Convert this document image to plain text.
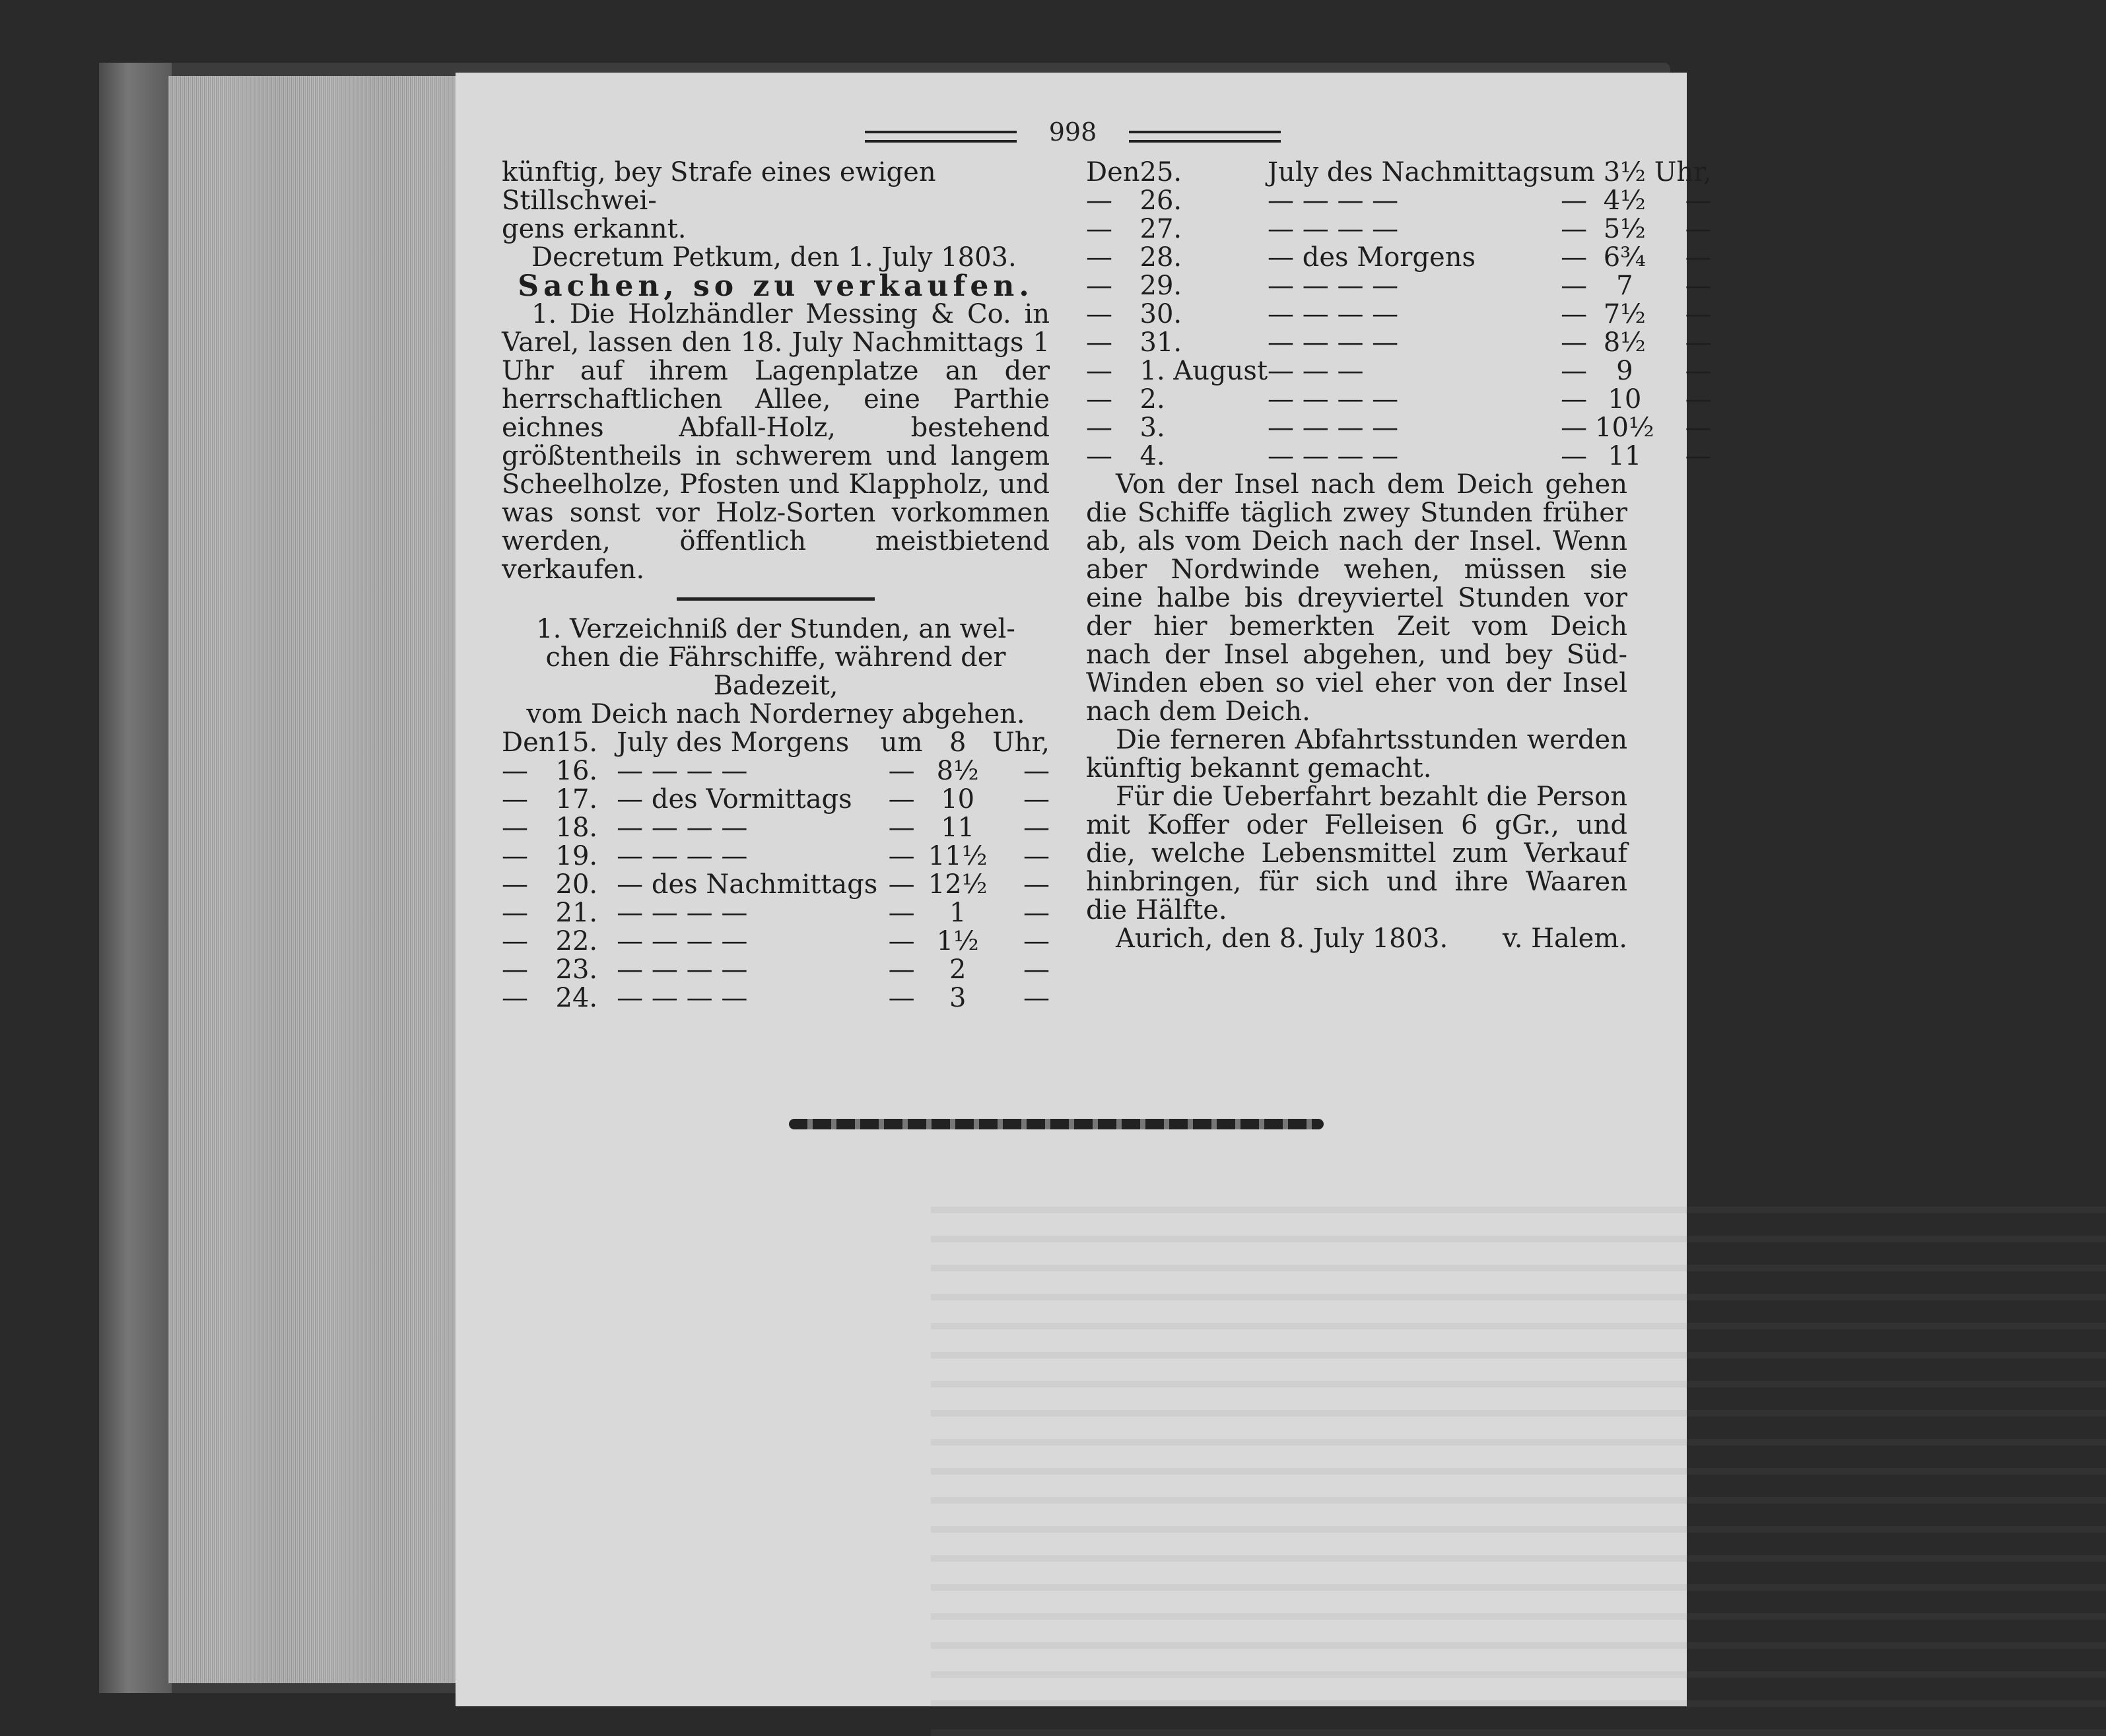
998

künftig, bey Strafe eines ewigen Stillschwei-

gens erkannt.

Decretum Petkum, den 1. July 1803.

Sachen, so zu verkaufen.

1. Die Holzhändler Messing & Co. in Varel, lassen den 18. July Nachmittags 1 Uhr auf ihrem Lagenplatze an der herrschaftlichen Allee, eine Parthie eichnes Abfall-Holz, bestehend größtentheils in schwerem und langem Scheelholze, Pfosten und Klappholz, und was sonst vor Holz-Sorten vorkommen werden, öffentlich meistbietend verkaufen.

1. Verzeichniß der Stunden, an wel-

chen die Fährschiffe, während der Badezeit,

vom Deich nach Norderney abgehen.

Den	15.	July des Morgens	um	8	Uhr,
—	16.	— — — —	—	8½	—
—	17.	— des Vormittags	—	10	—
—	18.	— — — —	—	11	—
—	19.	— — — —	—	11½	—
—	20.	— des Nachmittags	—	12½	—
—	21.	— — — —	—	1	—
—	22.	— — — —	—	1½	—
—	23.	— — — —	—	2	—
—	24.	— — — —	—	3	—
Den	25.	July des Nachmittags	um	3½	Uhr,
—	26.	— — — —	—	4½	—
—	27.	— — — —	—	5½	—
—	28.	— des Morgens	—	6¾	—
—	29.	— — — —	—	7	—
—	30.	— — — —	—	7½	—
—	31.	— — — —	—	8½	—
—	1. August	— — —	—	9	—
—	2.	— — — —	—	10	—
—	3.	— — — —	—	10½	—
—	4.	— — — —	—	11	—

Von der Insel nach dem Deich gehen die Schiffe täglich zwey Stunden früher ab, als vom Deich nach der Insel. Wenn aber Nordwinde wehen, müssen sie eine halbe bis dreyviertel Stunden vor der hier bemerkten Zeit vom Deich nach der Insel abgehen, und bey Süd-Winden eben so viel eher von der Insel nach dem Deich.

Die ferneren Abfahrtsstunden werden künftig bekannt gemacht.

Für die Ueberfahrt bezahlt die Person mit Koffer oder Felleisen 6 gGr., und die, welche Lebensmittel zum Verkauf hinbringen, für sich und ihre Waaren die Hälfte.

Aurich, den 8. July 1803. v. Halem.
